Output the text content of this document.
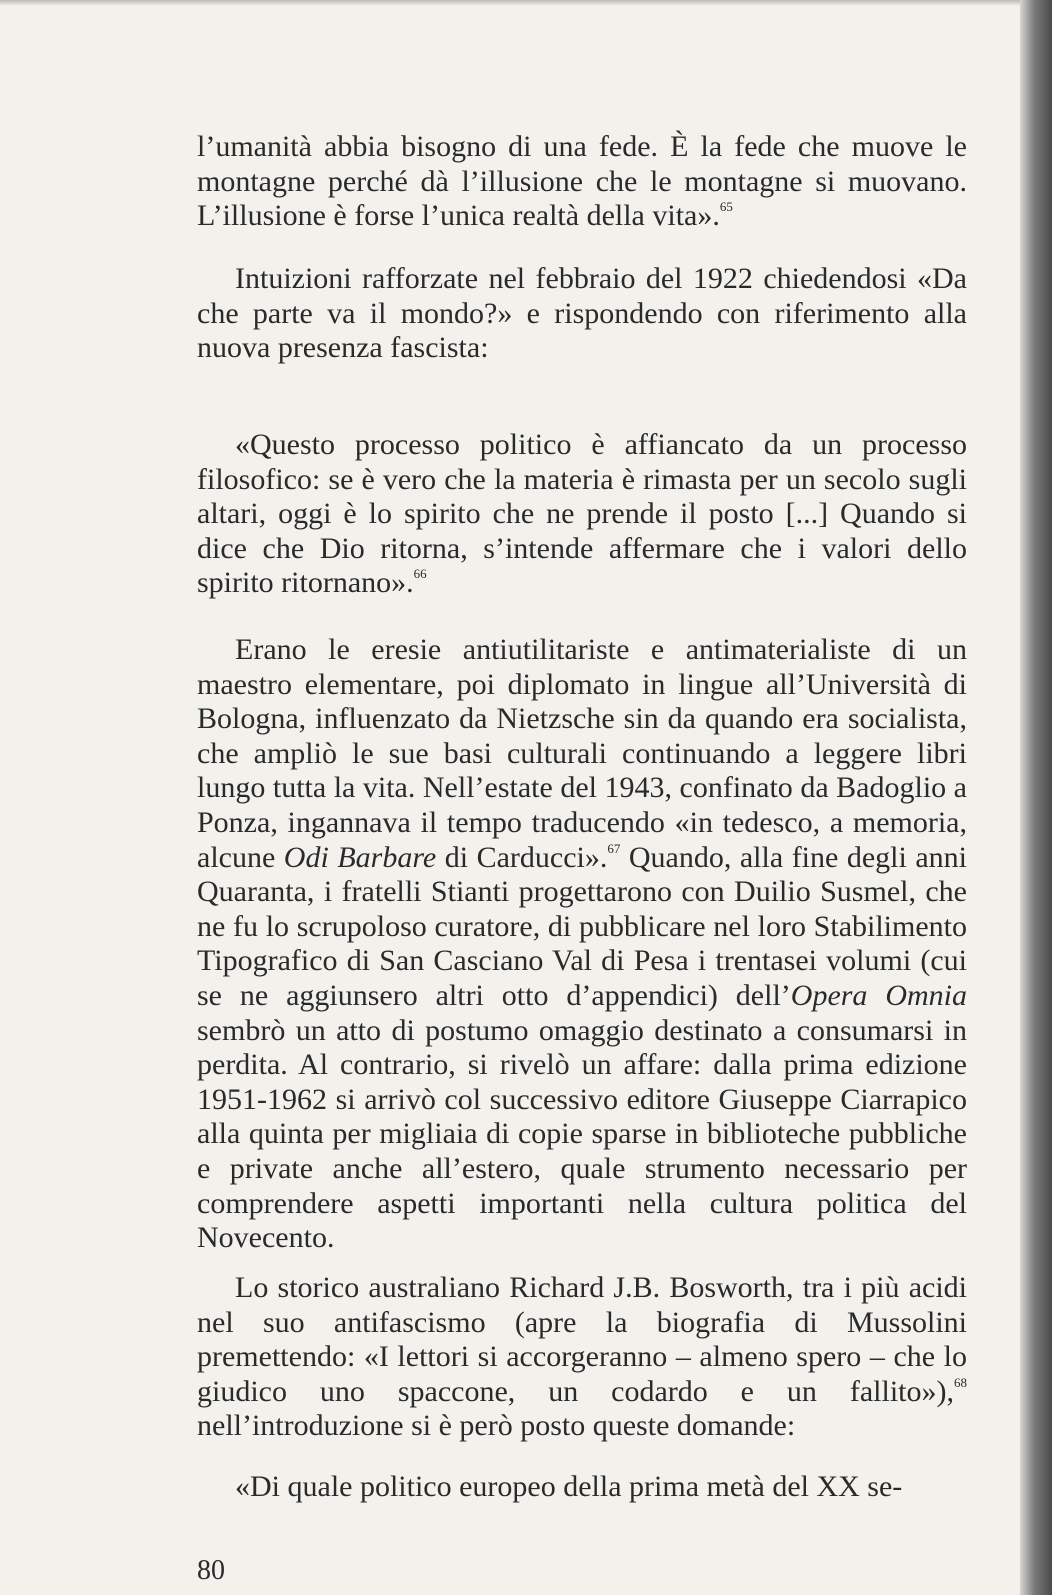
l’umanità abbia bisogno di una fede. È la fede che muove le montagne perché dà l’illusione che le montagne si muovano. L’illusione è forse l’unica realtà della vita».$^{65}$

Intuizioni rafforzate nel febbraio del 1922 chiedendosi «Da che parte va il mondo?» e rispondendo con riferimento alla nuova presenza fascista:

«Questo processo politico è affiancato da un processo filosofico: se è vero che la materia è rimasta per un secolo sugli altari, oggi è lo spirito che ne prende il posto [...] Quando si dice che Dio ritorna, s’intende affermare che i valori dello spirito ritornano».$^{66}$

Erano le eresie antiutilitariste e antimaterialiste di un maestro elementare, poi diplomato in lingue all’Università di Bologna, influenzato da Nietzsche sin da quando era socialista, che ampliò le sue basi culturali continuando a leggere libri lungo tutta la vita. Nell’estate del 1943, confinato da Badoglio a Ponza, ingannava il tempo traducendo «in tedesco, a memoria, alcune Odi Barbare di Carducci».$^{67}$ Quando, alla fine degli anni Quaranta, i fratelli Stianti progettarono con Duilio Susmel, che ne fu lo scrupoloso curatore, di pubblicare nel loro Stabilimento Tipografico di San Casciano Val di Pesa i trentasei volumi (cui se ne aggiunsero altri otto d’appendici) dell’Opera Omnia sembrò un atto di postumo omaggio destinato a consumarsi in perdita. Al contrario, si rivelò un affare: dalla prima edizione 1951-1962 si arrivò col successivo editore Giuseppe Ciarrapico alla quinta per migliaia di copie sparse in biblioteche pubbliche e private anche all’estero, quale strumento necessario per comprendere aspetti importanti nella cultura politica del Novecento.

Lo storico australiano Richard J.B. Bosworth, tra i più acidi nel suo antifascismo (apre la biografia di Mussolini premettendo: «I lettori si accorgeranno – almeno spero – che lo giudico uno spaccone, un codardo e un fallito»),$^{68}$ nell’introduzione si è però posto queste domande:

«Di quale politico europeo della prima metà del XX se-

80
